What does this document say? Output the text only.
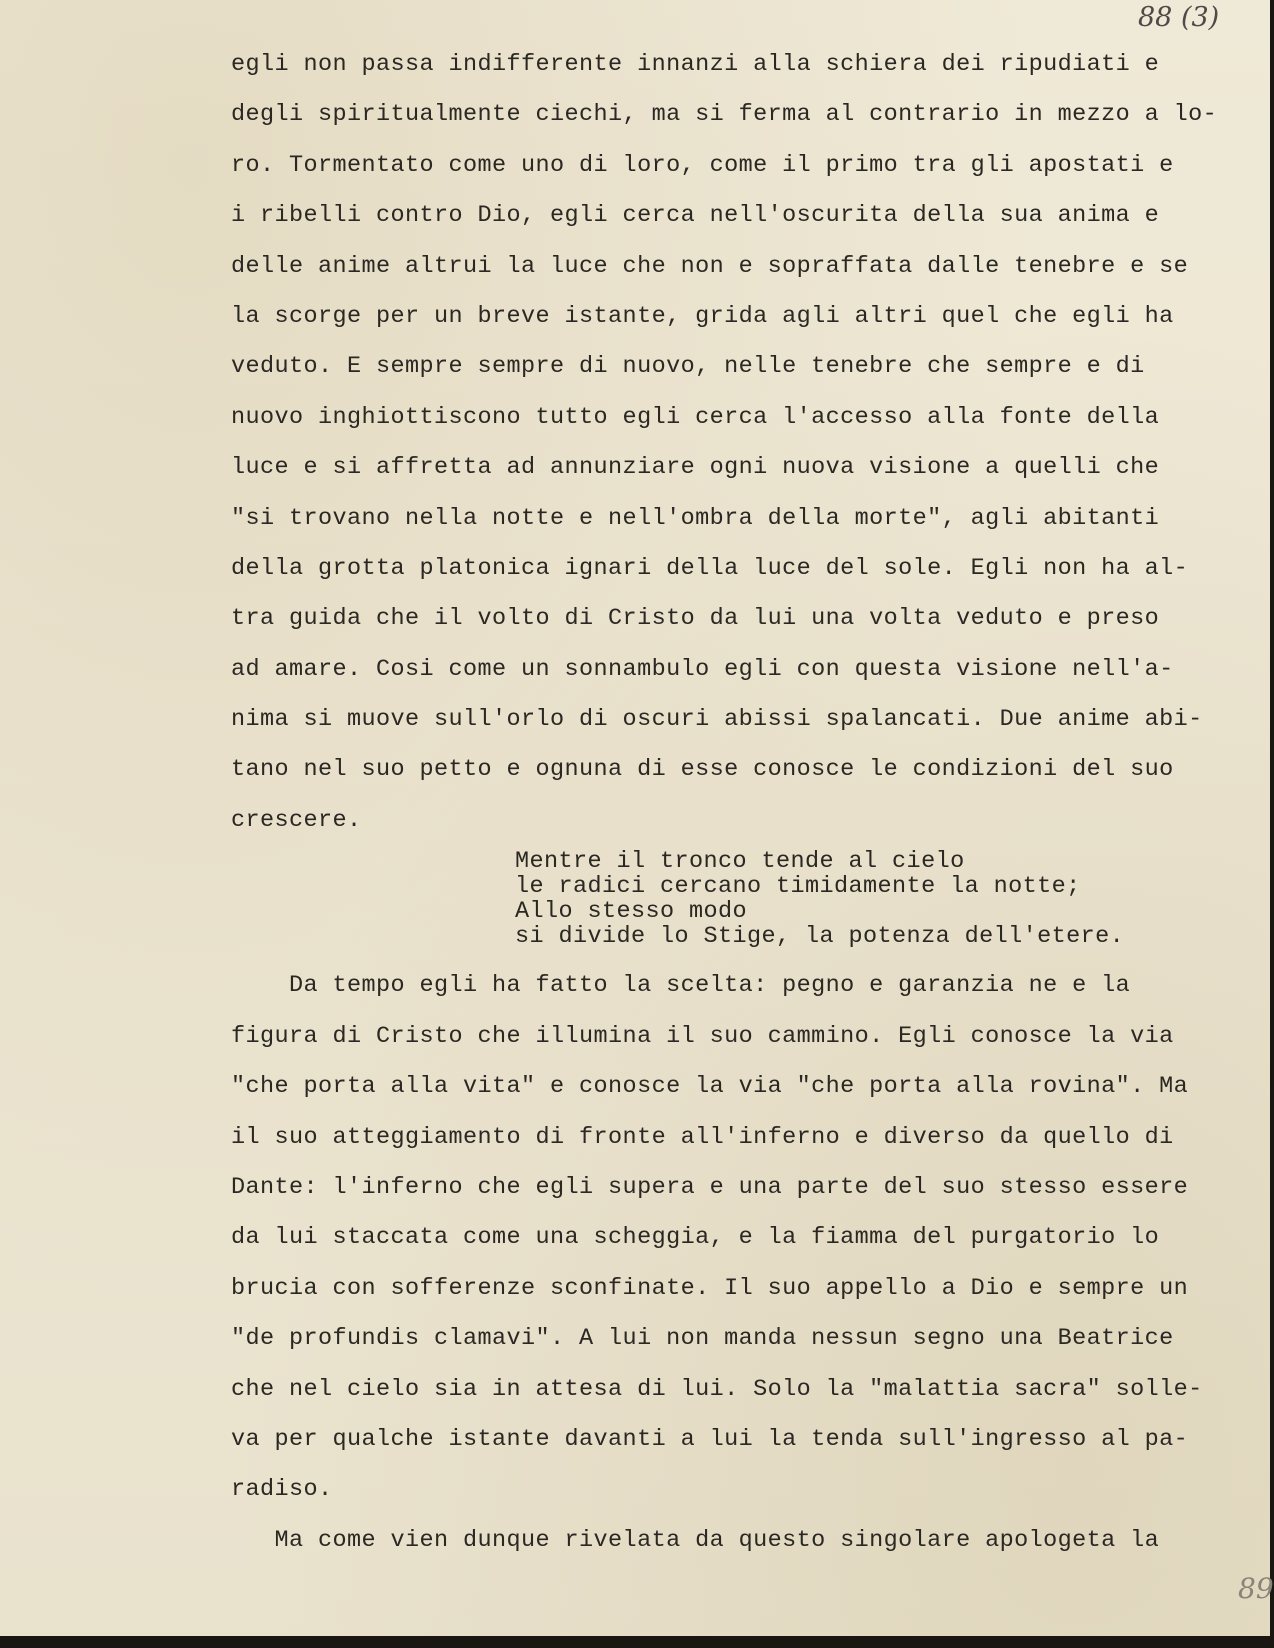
88 (3)
egli non passa indifferente innanzi alla schiera dei ripudiati e
degli spiritualmente ciechi, ma si ferma al contrario in mezzo a lo-
ro. Tormentato come uno di loro, come il primo tra gli apostati e
i ribelli contro Dio, egli cerca nell'oscurita della sua anima e
delle anime altrui la luce che non e sopraffata dalle tenebre e se
la scorge per un breve istante, grida agli altri quel che egli ha
veduto. E sempre sempre di nuovo, nelle tenebre che sempre e di
nuovo inghiottiscono tutto egli cerca l'accesso alla fonte della
luce e si affretta ad annunziare ogni nuova visione a quelli che
"si trovano nella notte e nell'ombra della morte", agli abitanti
della grotta platonica ignari della luce del sole. Egli non ha al-
tra guida che il volto di Cristo da lui una volta veduto e preso
ad amare. Cosi come un sonnambulo egli con questa visione nell'a-
nima si muove sull'orlo di oscuri abissi spalancati. Due anime abi-
tano nel suo petto e ognuna di esse conosce le condizioni del suo
crescere.
Mentre il tronco tende al cielo
le radici cercano timidamente la notte;
Allo stesso modo
si divide lo Stige, la potenza dell'etere.
Da tempo egli ha fatto la scelta: pegno e garanzia ne e la
figura di Cristo che illumina il suo cammino. Egli conosce la via
"che porta alla vita" e conosce la via "che porta alla rovina". Ma
il suo atteggiamento di fronte all'inferno e diverso da quello di
Dante: l'inferno che egli supera e una parte del suo stesso essere
da lui staccata come una scheggia, e la fiamma del purgatorio lo
brucia con sofferenze sconfinate. Il suo appello a Dio e sempre un
"de profundis clamavi". A lui non manda nessun segno una Beatrice
che nel cielo sia in attesa di lui. Solo la "malattia sacra" solle-
va per qualche istante davanti a lui la tenda sull'ingresso al pa-
radiso.
Ma come vien dunque rivelata da questo singolare apologeta la
89
